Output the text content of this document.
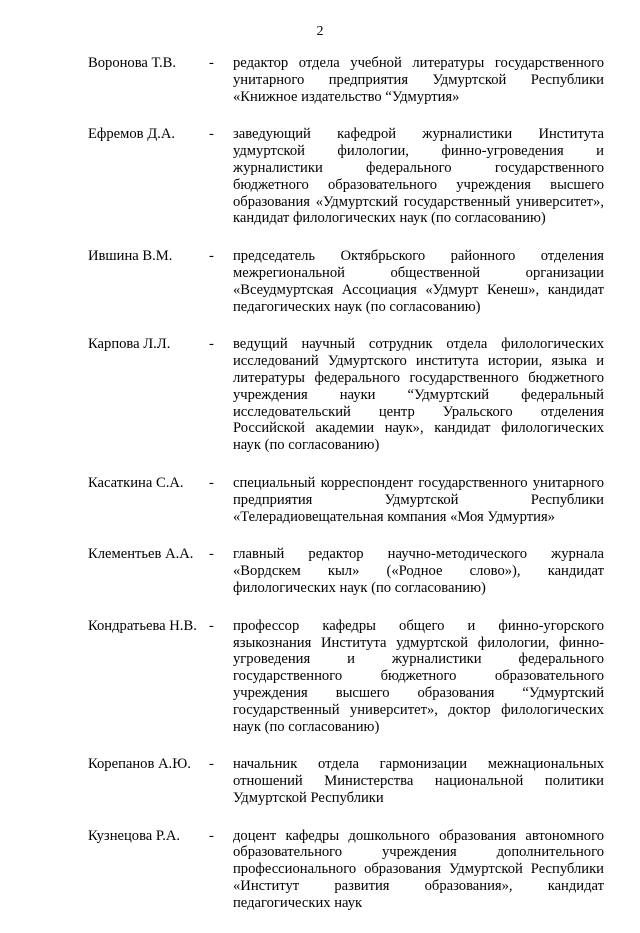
2
Воронова Т.В. - редактор отдела учебной литературы государственного унитарного предприятия Удмуртской Республики «Книжное издательство “Удмуртия»
Ефремов Д.А. - заведующий кафедрой журналистики Института удмуртской филологии, финно-угроведения и журналистики федерального государственного бюджетного образовательного учреждения высшего образования «Удмуртский государственный университет», кандидат филологических наук (по согласованию)
Ившина В.М.	- председатель Октябрьского районного отделения межрегиональной общественной организации «Всеудмуртская Ассоциация «Удмурт Кенеш», кандидат педагогических наук (по согласованию)
Карпова Л.Л.	- ведущий научный сотрудник отдела филологических исследований Удмуртского института истории, языка и литературы федерального государственного бюджетного учреждения науки “Удмуртский федеральный исследовательский центр Уральского отделения Российской академии наук», кандидат филологических наук (по согласованию)
Касаткина С.А. - специальный корреспондент государственного унитарного предприятия Удмуртской Республики «Телерадиовещательная компания «Моя Удмуртия»
Клементьев А.А. - главный редактор научно-методического журнала «Вордскем кыл» («Родное слово»), кандидат филологических наук (по согласованию)
Кондратьева Н.В. - профессор кафедры общего и финно-угорского языкознания Института удмуртской филологии, финно-угроведения и журналистики федерального государственного бюджетного образовательного учреждения высшего образования “Удмуртский государственный университет», доктор филологических наук (по согласованию)
Корепанов А.Ю. - начальник отдела гармонизации межнациональных отношений Министерства национальной политики Удмуртской Республики
Кузнецова Р.А. - доцент кафедры дошкольного образования автономного образовательного учреждения дополнительного профессионального образования Удмуртской Республики «Институт развития образования», кандидат педагогических наук
